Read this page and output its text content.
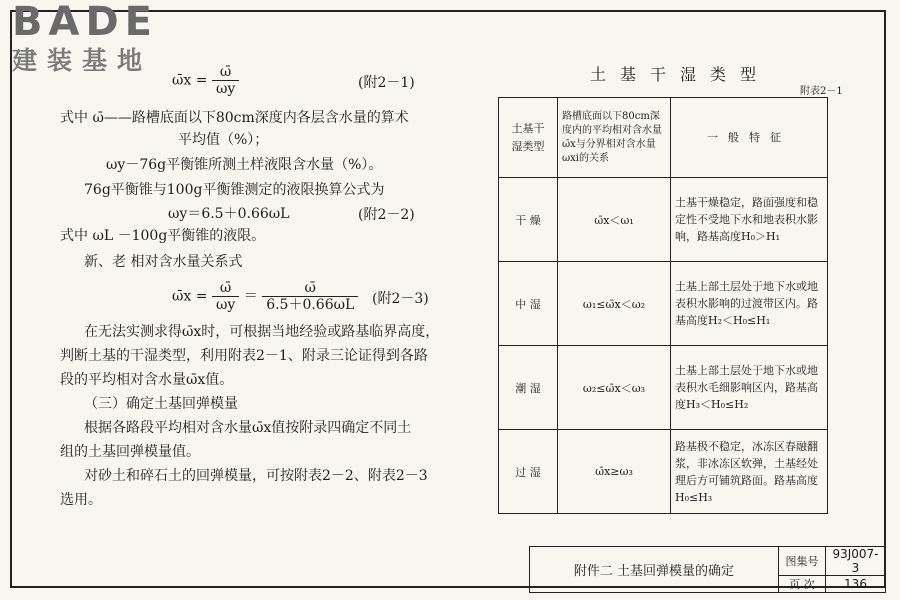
BADE
建装基地
ω̄x = $\frac{\omegā}{\omega y}$	(附2－1)
式中 ω̄——路槽底面以下80cm深度内各层含水量的算术
平均值（%）；
ωy－76g平衡锥所测土样液限含水量（%）。
76g平衡锥与100g平衡锥测定的液限换算公式为
ωy＝6.5＋0.66ωL	(附2－2)
式中 ωL －100g平衡锥的液限。
新、老 相对含水量关系式
ω̄x = $\frac{\omegā}{\omega y} = \frac{\omegā}{6.5+0.66\omega L}$ (附2－3)
在无法实测求得ω̄x时，可根据当地经验或路基临界高度，
判断土基的干湿类型，利用附表2－1、附录三论证得到各路
段的平均相对含水量ω̄x值。
（三）确定土基回弹模量
根据各路段平均相对含水量ω̄x值按附录四确定不同土
组的土基回弹模量值。
对砂土和碎石土的回弹模量，可按附表2－2、附表2－3
选用。
土基干湿类型
附表2－1
土基干湿类型	路槽底面以下80cm深度内的平均相对含水量ω̄x与分界相对含水量ωxi的关系	一般特征

干 燥	ω̄x＜ω₁	土基干燥稳定，路面强度和稳定性不受地下水和地表积水影响，路基高度H₀＞H₁
中 湿	ω₁≤ω̄x＜ω₂	土基上部土层处于地下水或地表积水影响的过渡带区内。路基高度H₂＜H₀≤H₁
潮 湿	ω₂≤ω̄x＜ω₃	土基上部土层处于地下水或地表积水毛细影响区内，路基高度H₃＜H₀≤H₂
过 湿	ω̄x≥ω₃	路基极不稳定，冰冻区春融翻浆，非冰冻区软弹，土基经处理后方可铺筑路面。路基高度H₀≤H₃
附件二 土基回弹模量的确定	图集号	93J007-3
	页 次	136
